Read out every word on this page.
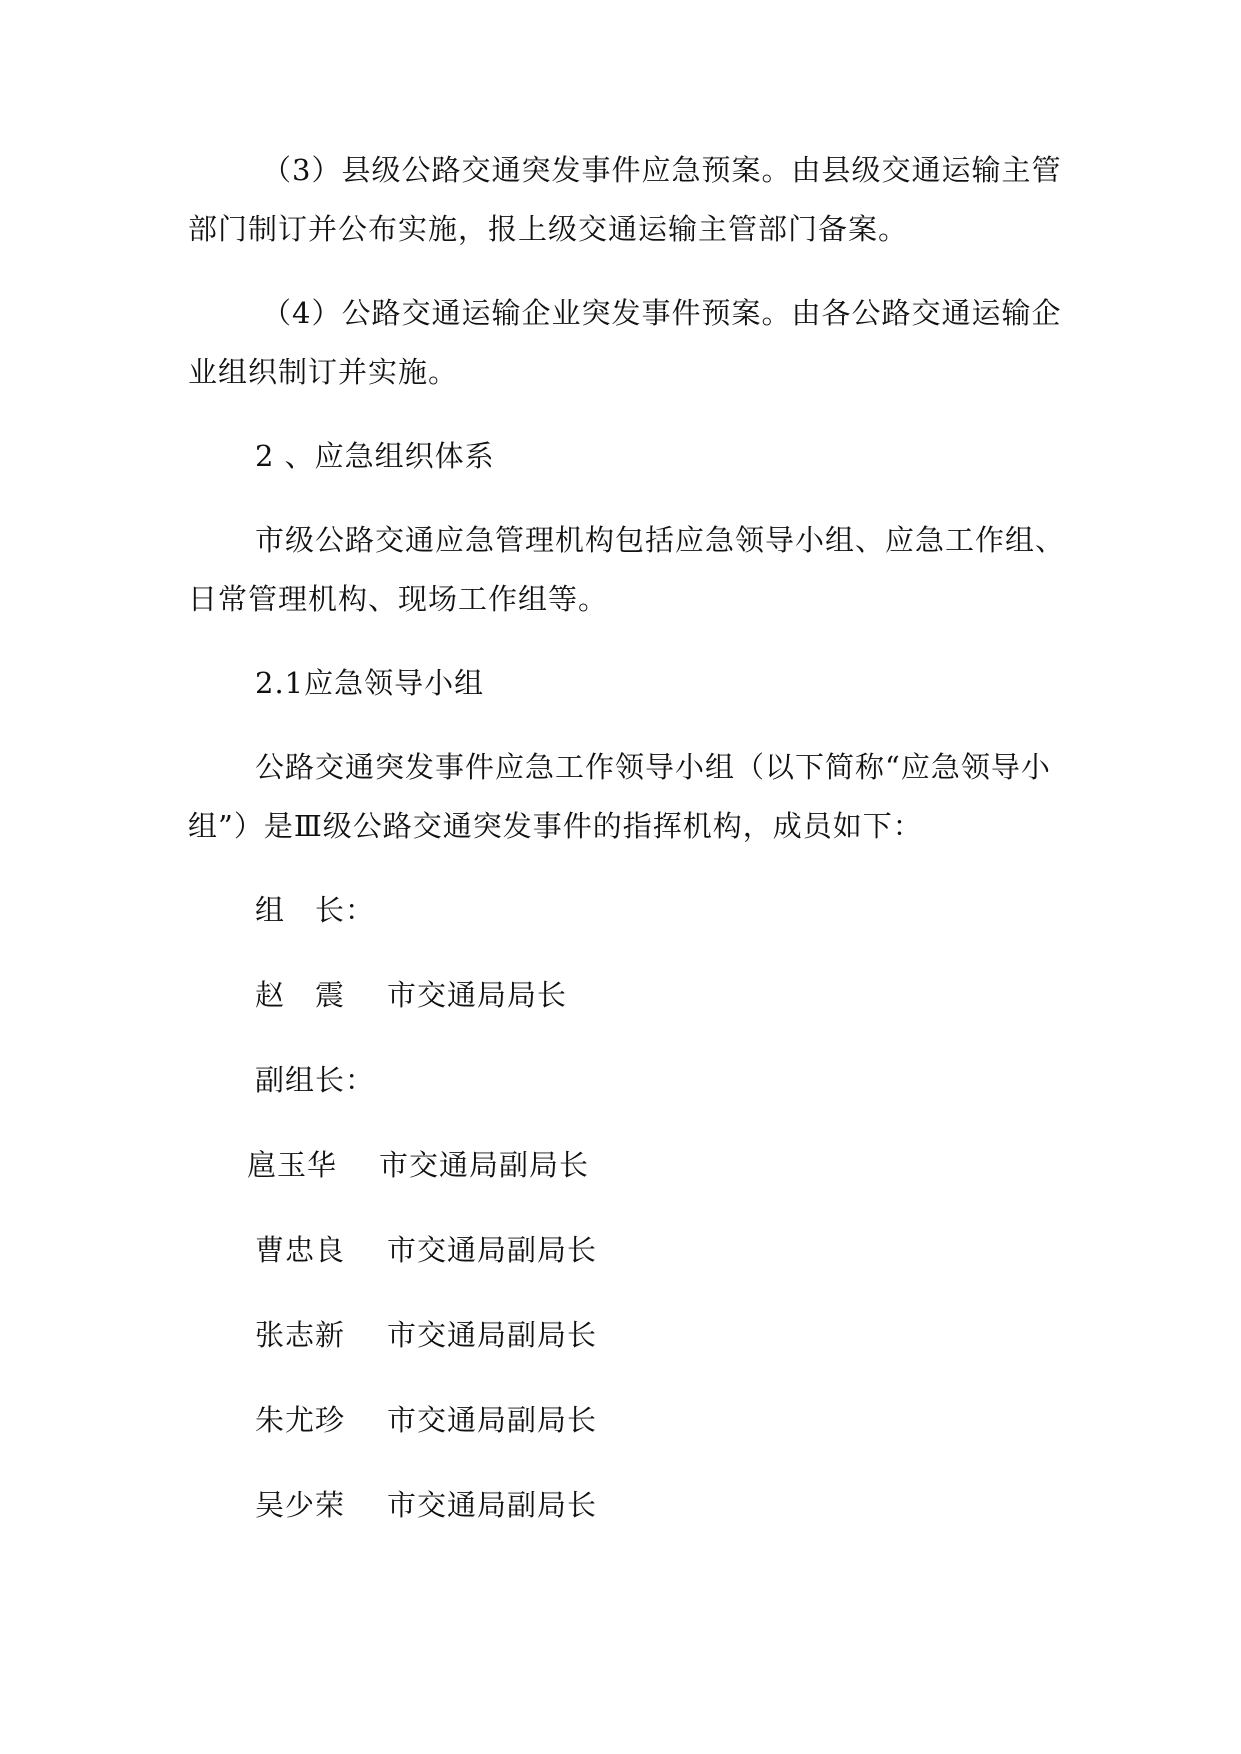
（3）县级公路交通突发事件应急预案。由县级交通运输主管
部门制订并公布实施，报上级交通运输主管部门备案。
（4）公路交通运输企业突发事件预案。由各公路交通运输企
业组织制订并实施。
2 、应急组织体系
市级公路交通应急管理机构包括应急领导小组、应急工作组、
日常管理机构、现场工作组等。
2.1应急领导小组
公路交通突发事件应急工作领导小组（以下简称“应急领导小
组”）是Ⅲ级公路交通突发事件的指挥机构，成员如下：
组　长：
赵　震 市交通局局长
副组长：
扈玉华 市交通局副局长
曹忠良 市交通局副局长
张志新 市交通局副局长
朱尤珍 市交通局副局长
吴少荣 市交通局副局长
